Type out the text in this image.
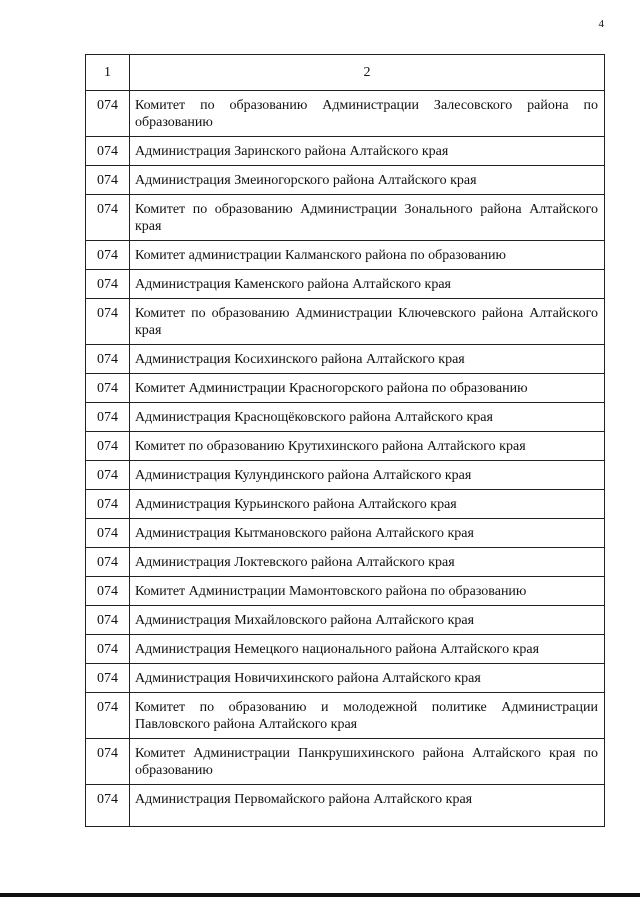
4
1	2
074	Комитет по образованию Администрации Залесовского района по образованию
074	Администрация Заринского района Алтайского края
074	Администрация Змеиногорского района Алтайского края
074	Комитет по образованию Администрации Зонального района Алтайского края
074	Комитет администрации Калманского района по образованию
074	Администрация Каменского района Алтайского края
074	Комитет по образованию Администрации Ключевского района Алтайского края
074	Администрация Косихинского района Алтайского края
074	Комитет Администрации Красногорского района по образованию
074	Администрация Краснощёковского района Алтайского края
074	Комитет по образованию Крутихинского района Алтайского края
074	Администрация Кулундинского района Алтайского края
074	Администрация Курьинского района Алтайского края
074	Администрация Кытмановского района Алтайского края
074	Администрация Локтевского района Алтайского края
074	Комитет Администрации Мамонтовского района по образованию
074	Администрация Михайловского района Алтайского края
074	Администрация Немецкого национального района Алтайского края
074	Администрация Новичихинского района Алтайского края
074	Комитет по образованию и молодежной политике Администрации Павловского района Алтайского края
074	Комитет Администрации Панкрушихинского района Алтайского края по образованию
074	Администрация Первомайского района Алтайского края
